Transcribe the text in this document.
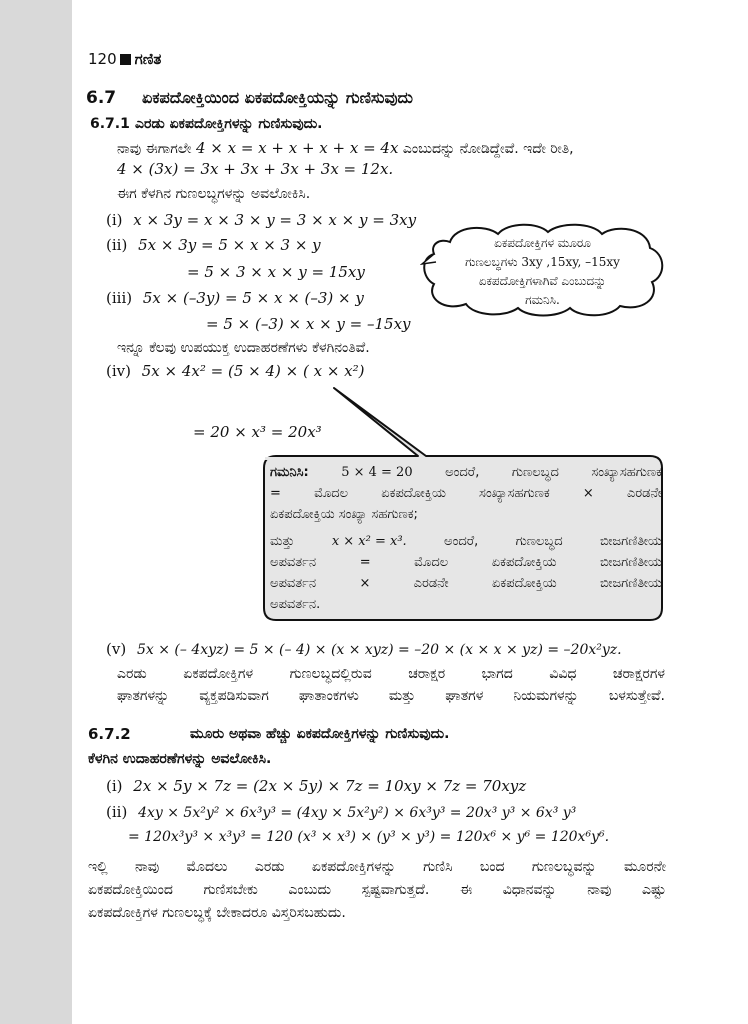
120 ಗಣಿತ
6.7 ಏಕಪದೋಕ್ತಿಯಿಂದ ಏಕಪದೋಕ್ತಿಯನ್ನು ಗುಣಿಸುವುದು
6.7.1 ಎರಡು ಏಕಪದೋಕ್ತಿಗಳನ್ನು ಗುಣಿಸುವುದು.
ನಾವು ಈಗಾಗಲೇ 4 × x = x + x + x + x = 4x ಎಂಬುದನ್ನು ನೋಡಿದ್ದೇವೆ. ಇದೇ ರೀತಿ,
4 × (3x) = 3x + 3x + 3x + 3x = 12x.
ಈಗ ಕೆಳಗಿನ ಗುಣಲಬ್ಧಗಳನ್ನು ಅವಲೋಕಿಸಿ.
(i) x × 3y = x × 3 × y = 3 × x × y = 3xy
(ii) 5x × 3y = 5 × x × 3 × y
= 5 × 3 × x × y = 15xy
(iii) 5x × (–3y) = 5 × x × (–3) × y
= 5 × (–3) × x × y = –15xy
ಏಕಪದೋಕ್ತಿಗಳ ಮೂರೂ
ಗುಣಲಬ್ಧಗಳು 3xy ,15xy, –15xy
ಏಕಪದೋಕ್ತಿಗಳಾಗಿವೆ ಎಂಬುದನ್ನು
ಗಮನಿಸಿ.
ಇನ್ನೂ ಕೆಲವು ಉಪಯುಕ್ತ ಉದಾಹರಣೆಗಳು ಕೆಳಗಿನಂತಿವೆ.
(iv) 5x × 4x² = (5 × 4) × ( x × x²)
= 20 × x³ = 20x³
ಗಮನಿಸಿ: 5 × 4 = 20 ಅಂದರೆ, ಗುಣಲಬ್ಧದ ಸಂಖ್ಯಾಸಹಗುಣಕ
=	ಮೊದಲ	ಏಕಪದೋಕ್ತಿಯ	ಸಂಖ್ಯಾಸಹಗುಣಕ	×	ಎರಡನೇ
ಏಕಪದೋಕ್ತಿಯ ಸಂಖ್ಯಾ ಸಹಗುಣಕ;
ಮತ್ತು	x × x² = x³.	ಅಂದರೆ,	ಗುಣಲಬ್ಧದ	ಬೀಜಗಣಿತೀಯ
ಅಪವರ್ತನ	=	ಮೊದಲ	ಏಕಪದೋಕ್ತಿಯ	ಬೀಜಗಣಿತೀಯ
ಅಪವರ್ತನ	×	ಎರಡನೇ	ಏಕಪದೋಕ್ತಿಯ	ಬೀಜಗಣಿತೀಯ
ಅಪವರ್ತನ.
(v) 5x × (– 4xyz) = 5 × (– 4) × (x × xyz) = –20 × (x × x × yz) = –20x²yz.
ಎರಡು ಏಕಪದೋಕ್ತಿಗಳ ಗುಣಲಬ್ಧದಲ್ಲಿರುವ ಚರಾಕ್ಷರ ಭಾಗದ ವಿವಿಧ ಚರಾಕ್ಷರಗಳ
ಘಾತಗಳನ್ನು ವ್ಯಕ್ತಪಡಿಸುವಾಗ ಘಾತಾಂಕಗಳು ಮತ್ತು ಘಾತಗಳ ನಿಯಮಗಳನ್ನು ಬಳಸುತ್ತೇವೆ.
6.7.2	ಮೂರು ಅಥವಾ ಹೆಚ್ಚು ಏಕಪದೋಕ್ತಿಗಳನ್ನು ಗುಣಿಸುವುದು.
ಕೆಳಗಿನ ಉದಾಹರಣೆಗಳನ್ನು ಅವಲೋಕಿಸಿ.
(i) 2x × 5y × 7z = (2x × 5y) × 7z = 10xy × 7z = 70xyz
(ii) 4xy × 5x²y² × 6x³y³ = (4xy × 5x²y²) × 6x³y³ = 20x³ y³ × 6x³ y³
= 120x³y³ × x³y³ = 120 (x³ × x³) × (y³ × y³) = 120x⁶ × y⁶ = 120x⁶y⁶.
ಇಲ್ಲಿ ನಾವು ಮೊದಲು ಎರಡು ಏಕಪದೋಕ್ತಿಗಳನ್ನು ಗುಣಿಸಿ ಬಂದ ಗುಣಲಬ್ಧವನ್ನು ಮೂರನೇ
ಏಕಪದೋಕ್ತಿಯಿಂದ ಗುಣಿಸಬೇಕು ಎಂಬುದು ಸ್ಪಷ್ಟವಾಗುತ್ತದೆ. ಈ ವಿಧಾನವನ್ನು ನಾವು ಎಷ್ಟು
ಏಕಪದೋಕ್ತಿಗಳ ಗುಣಲಬ್ಧಕ್ಕೆ ಬೇಕಾದರೂ ವಿಸ್ತರಿಸಬಹುದು.
